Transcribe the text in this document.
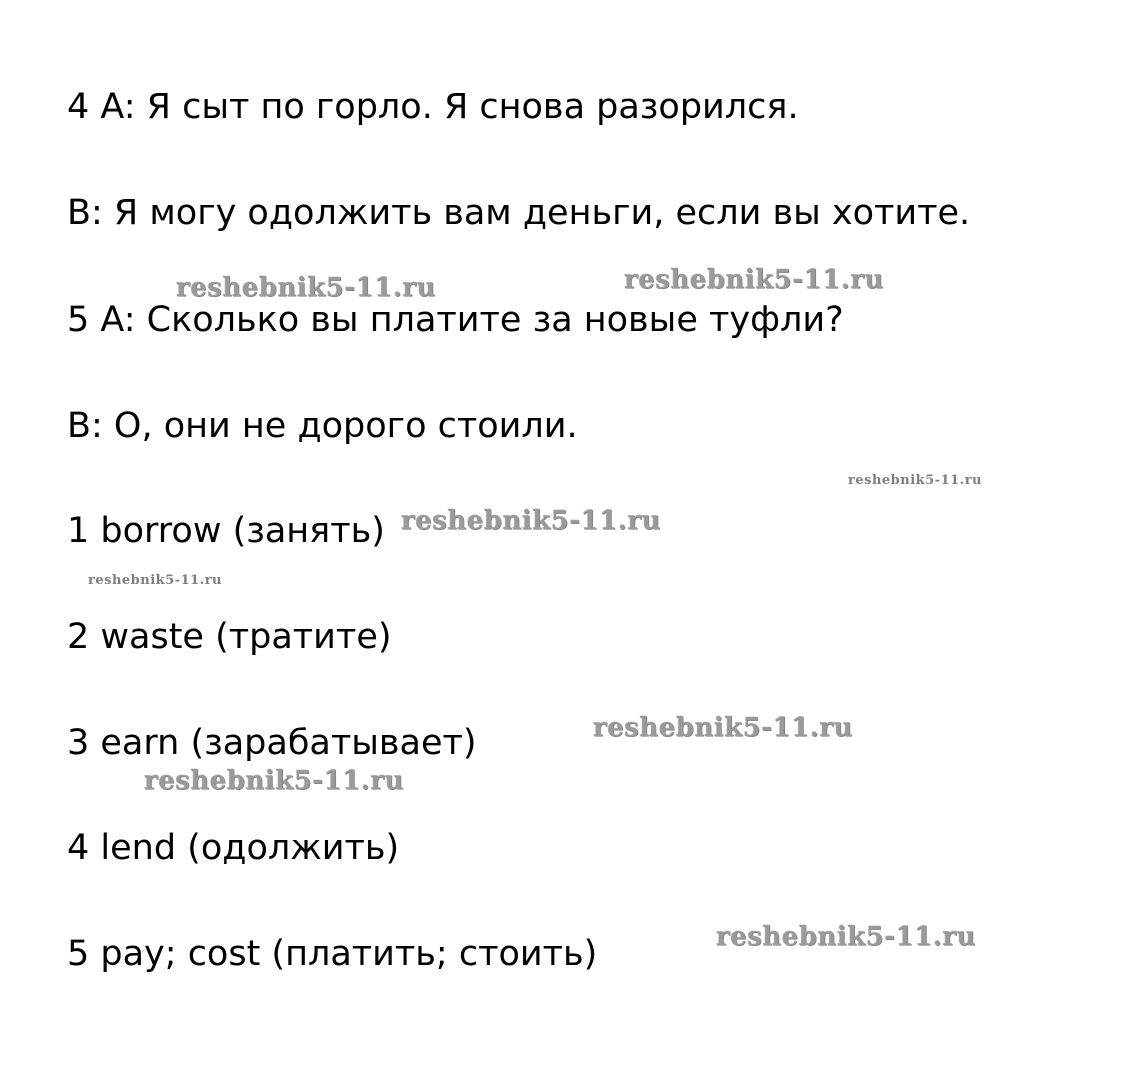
4 A: Я сыт по горло. Я снова разорился.
B: Я могу одолжить вам деньги, если вы хотите.
5 A: Сколько вы платите за новые туфли?
B: О, они не дорого стоили.
1 borrow (занять)
2 waste (тратите)
3 earn (зарабатывает)
4 lend (одолжить)
5 pay; cost (платить; стоить)
reshebnik5-11.ru	reshebnik5-11.ru
reshebnik5-11.ru
reshebnik5-11.ru
reshebnik5-11.ru
reshebnik5-11.ru
reshebnik5-11.ru
reshebnik5-11.ru
